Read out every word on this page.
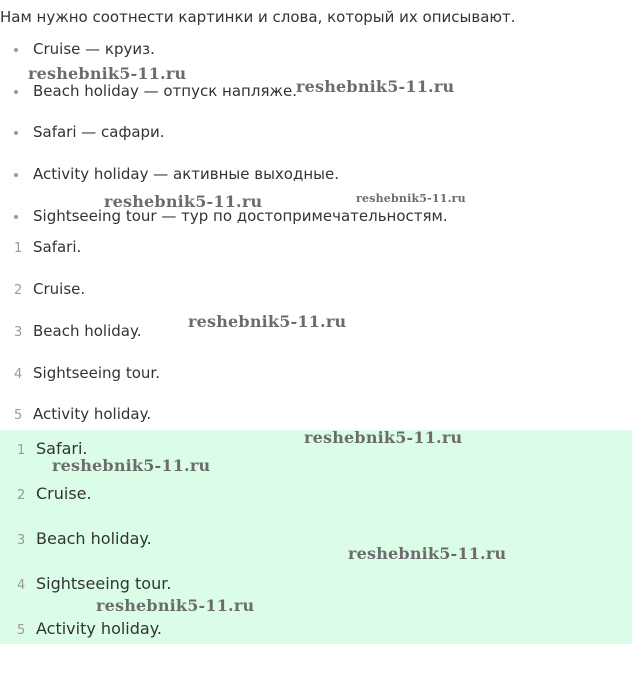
Нам нужно соотнести картинки и слова, который их описывают.
Cruise — круиз.
Beach holiday — отпуск напляже.
Safari — сафари.
Activity holiday — активные выходные.
Sightseeing tour — тур по достопримечательностям.
1 Safari.
2 Cruise.
3 Beach holiday.
4 Sightseeing tour.
5 Activity holiday.
1 Safari.
2 Cruise.
3 Beach holiday.
4 Sightseeing tour.
5 Activity holiday.
reshebnik5-11.ru
reshebnik5-11.ru
reshebnik5-11.ru	reshebnik5-11.ru
reshebnik5-11.ru
reshebnik5-11.ru
reshebnik5-11.ru
reshebnik5-11.ru
reshebnik5-11.ru
